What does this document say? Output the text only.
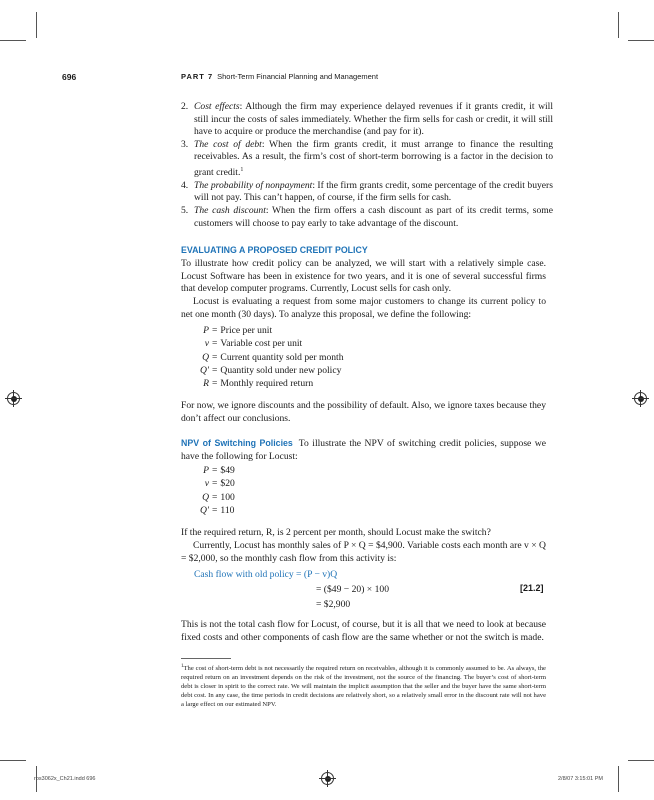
696	PART 7 Short-Term Financial Planning and Management
2. Cost effects: Although the firm may experience delayed revenues if it grants credit, it will still incur the costs of sales immediately. Whether the firm sells for cash or credit, it will still have to acquire or produce the merchandise (and pay for it).
3. The cost of debt: When the firm grants credit, it must arrange to finance the resulting receivables. As a result, the firm’s cost of short-term borrowing is a factor in the decision to grant credit.$^1$
4. The probability of nonpayment: If the firm grants credit, some percentage of the credit buyers will not pay. This can’t happen, of course, if the firm sells for cash.
5. The cash discount: When the firm offers a cash discount as part of its credit terms, some customers will choose to pay early to take advantage of the discount.
EVALUATING A PROPOSED CREDIT POLICY
To illustrate how credit policy can be analyzed, we will start with a relatively simple case. Locust Software has been in existence for two years, and it is one of several successful firms that develop computer programs. Currently, Locust sells for cash only.
Locust is evaluating a request from some major customers to change its current policy to net one month (30 days). To analyze this proposal, we define the following:
P = Price per unit
v = Variable cost per unit
Q = Current quantity sold per month
Q′ = Quantity sold under new policy
R = Monthly required return
For now, we ignore discounts and the possibility of default. Also, we ignore taxes because they don’t affect our conclusions.
NPV of Switching Policies To illustrate the NPV of switching credit policies, suppose we have the following for Locust:
P = $49
v = $20
Q = 100
Q′ = 110
If the required return, R, is 2 percent per month, should Locust make the switch?
Currently, Locust has monthly sales of P × Q = $4,900. Variable costs each month are v × Q = $2,000, so the monthly cash flow from this activity is:
Cash flow with old policy = (P − v)Q
= ($49 − 20) × 100
= $2,900
[21.2]
This is not the total cash flow for Locust, of course, but it is all that we need to look at because fixed costs and other components of cash flow are the same whether or not the switch is made.
$^1$The cost of short-term debt is not necessarily the required return on receivables, although it is commonly assumed to be. As always, the required return on an investment depends on the risk of the investment, not the source of the financing. The buyer’s cost of short-term debt is closer in spirit to the correct rate. We will maintain the implicit assumption that the seller and the buyer have the same short-term debt cost. In any case, the time periods in credit decisions are relatively short, so a relatively small error in the discount rate will not have a large effect on our estimated NPV.
ros3062x_Ch21.indd 696	2/8/07 3:15:01 PM
